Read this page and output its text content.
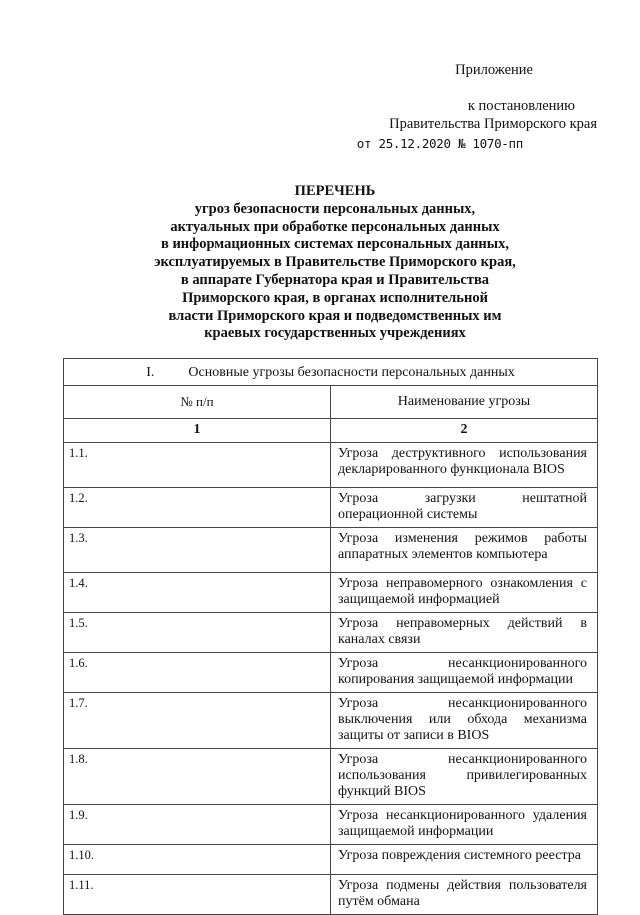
Приложение
к постановлению
Правительства Приморского края
от 25.12.2020 № 1070-пп
ПЕРЕЧЕНЬ
угроз безопасности персональных данных,
актуальных при обработке персональных данных
в информационных системах персональных данных,
эксплуатируемых в Правительстве Приморского края,
в аппарате Губернатора края и Правительства
Приморского края, в органах исполнительной
власти Приморского края и подведомственных им
краевых государственных учреждениях
I. Основные угрозы безопасности персональных данных	
№ п/п	Наименование угрозы
1	2
1.1.	Угроза деструктивного использования декларированного функционала BIOS
1.2.	Угроза загрузки нештатной операционной системы
1.3.	Угроза изменения режимов работы аппаратных элементов компьютера
1.4.	Угроза неправомерного ознакомления с защищаемой информацией
1.5.	Угроза неправомерных действий в каналах связи
1.6.	Угроза несанкционированного копирования защищаемой информации
1.7.	Угроза несанкционированного выключения или обхода механизма защиты от записи в BIOS
1.8.	Угроза несанкционированного использования привилегированных функций BIOS
1.9.	Угроза несанкционированного удаления защищаемой информации
1.10.	Угроза повреждения системного реестра
1.11.	Угроза подмены действия пользователя путём обмана
